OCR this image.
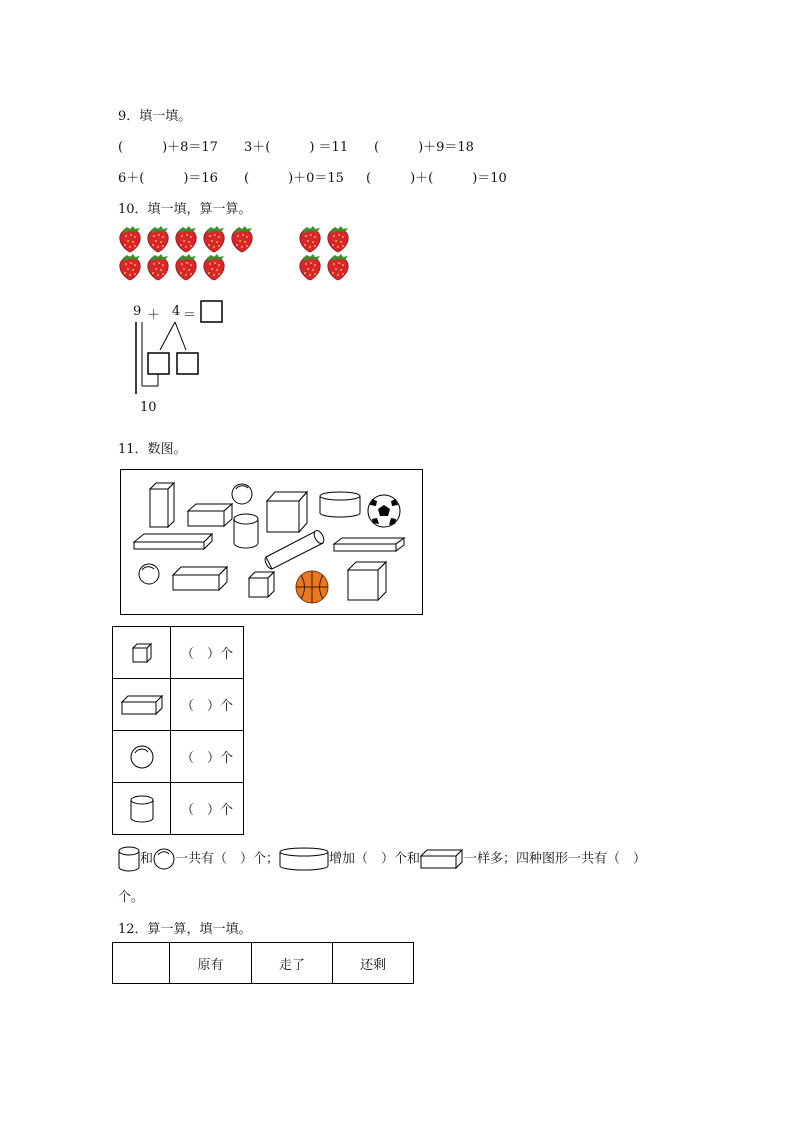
9．填一填。
(　　　)＋8＝17 3＋(　　　) ＝11 (　　　)＋9＝18
6＋(　　　)＝16 (　　　)＋0＝15 (　　　)＋(　　　)＝10
10．填一填，算一算。
9 ＋ 4 ＝
10
11．数图。
	（　）个
	（　）个
	（　）个
	（　）个
和 一共有（　）个；	增加（　）个和	一样多；四种图形一共有（　）
个。
12．算一算，填一填。
	原有	走了	还剩
